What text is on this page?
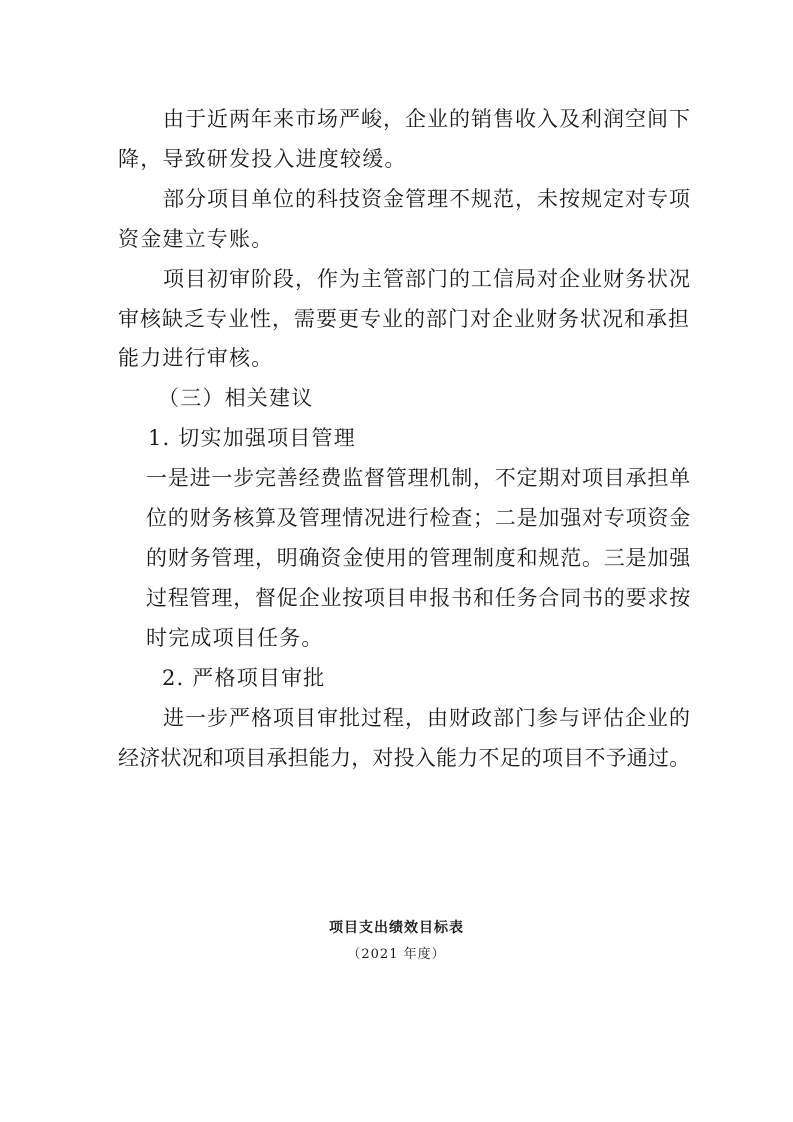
由于近两年来市场严峻，企业的销售收入及利润空间下
降，导致研发投入进度较缓。
部分项目单位的科技资金管理不规范，未按规定对专项
资金建立专账。
项目初审阶段，作为主管部门的工信局对企业财务状况
审核缺乏专业性，需要更专业的部门对企业财务状况和承担
能力进行审核。
（三）相关建议
1. 切实加强项目管理
一是进一步完善经费监督管理机制，不定期对项目承担单
位的财务核算及管理情况进行检查；二是加强对专项资金
的财务管理，明确资金使用的管理制度和规范。三是加强
过程管理，督促企业按项目申报书和任务合同书的要求按
时完成项目任务。
2. 严格项目审批
进一步严格项目审批过程，由财政部门参与评估企业的
经济状况和项目承担能力，对投入能力不足的项目不予通过。
项目支出绩效目标表
（2021 年度）
